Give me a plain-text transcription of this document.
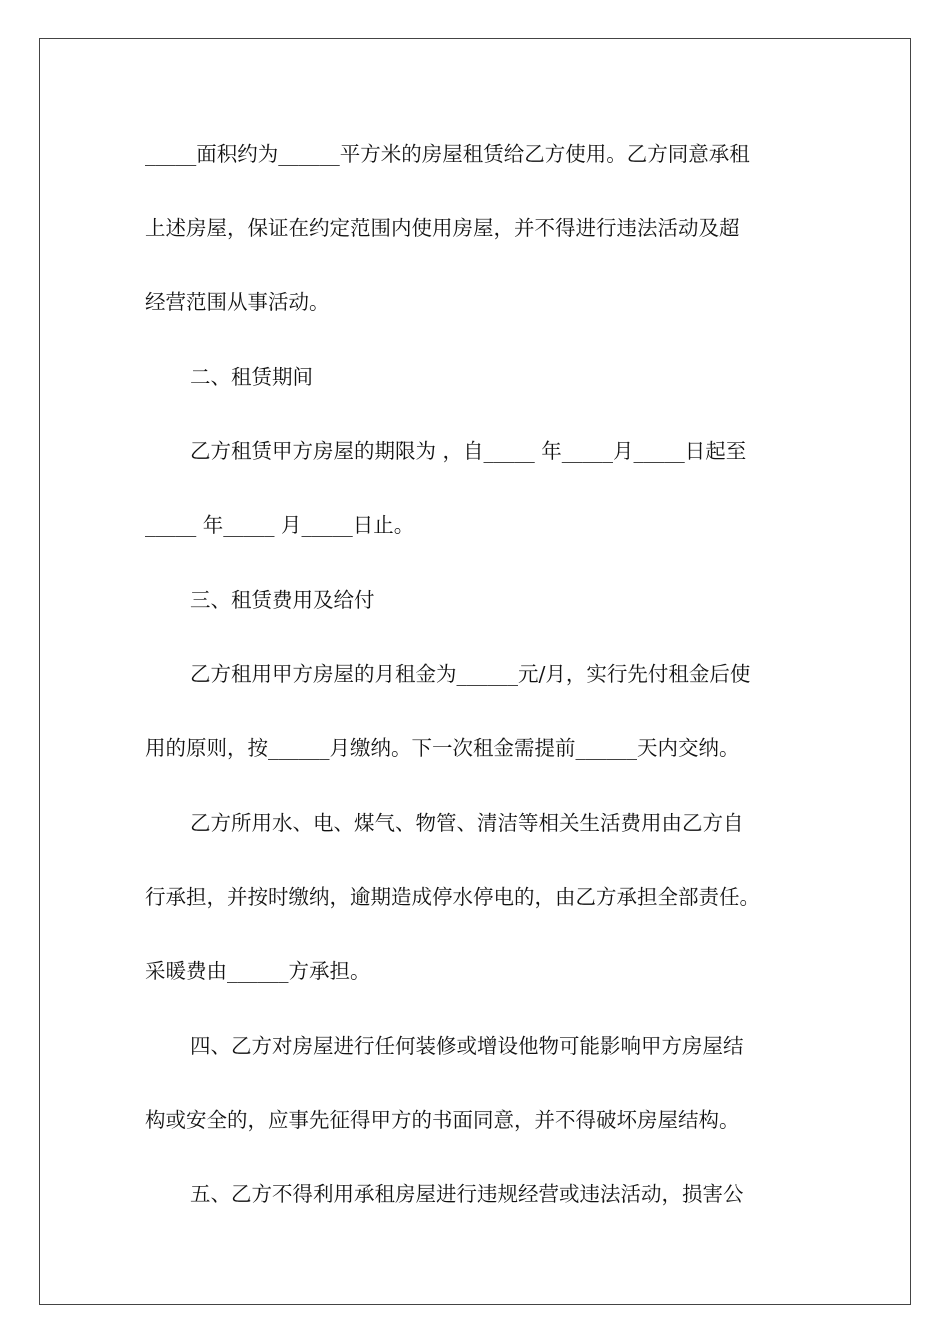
_____面积约为______平方米的房屋租赁给乙方使用。乙方同意承租
上述房屋，保证在约定范围内使用房屋，并不得进行违法活动及超
经营范围从事活动。
二、租赁期间
乙方租赁甲方房屋的期限为 ，自_____ 年_____月_____日起至
_____ 年_____ 月_____日止。
三、租赁费用及给付
乙方租用甲方房屋的月租金为______元/月，实行先付租金后使
用的原则，按______月缴纳。下一次租金需提前______天内交纳。
乙方所用水、电、煤气、物管、清洁等相关生活费用由乙方自
行承担，并按时缴纳，逾期造成停水停电的，由乙方承担全部责任。
采暖费由______方承担。
四、乙方对房屋进行任何装修或增设他物可能影响甲方房屋结
构或安全的，应事先征得甲方的书面同意，并不得破坏房屋结构。
五、乙方不得利用承租房屋进行违规经营或违法活动，损害公
